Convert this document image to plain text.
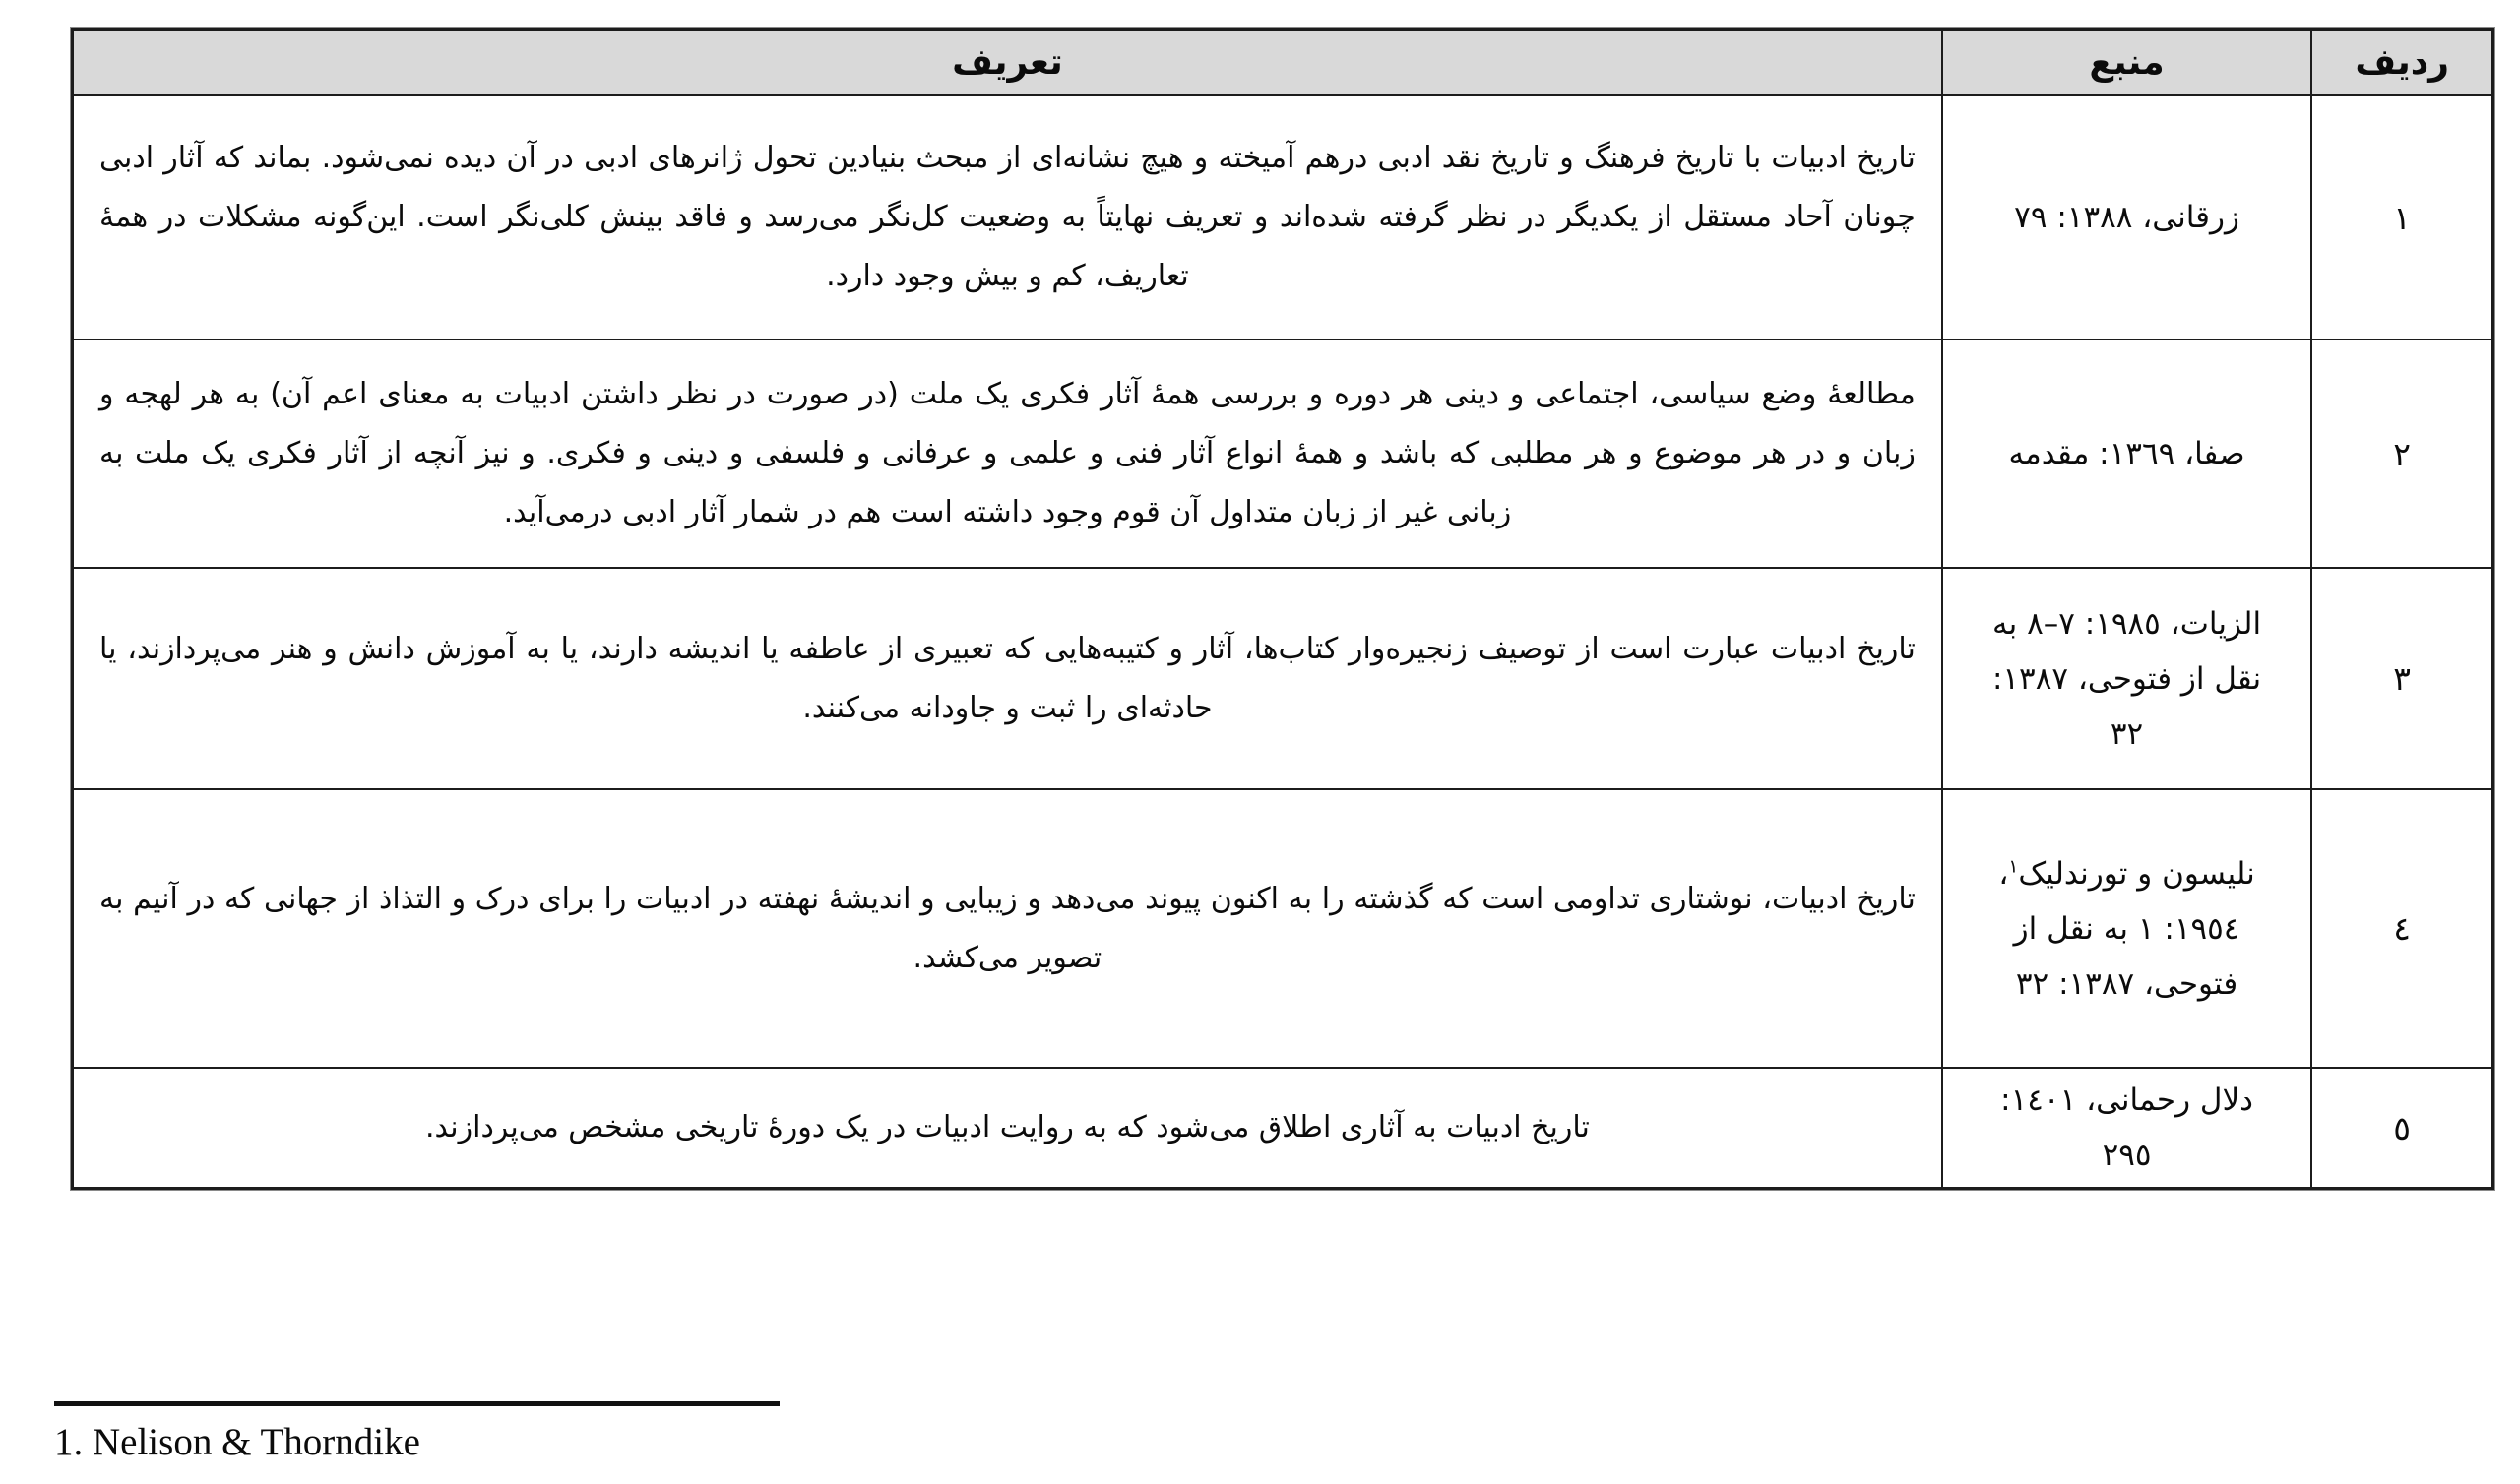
ردیف	منبع	تعریف
۱	زرقانی، ۱۳۸۸: ۷۹	تاریخ ادبیات با تاریخ فرهنگ و تاریخ نقد ادبی درهم آمیخته و هیچ نشانه‌ای از مبحث بنیادین تحول ژانرهای ادبی در آن دیده نمی‌شود. بماند که آثار ادبی چونان آحاد مستقل از یکدیگر در نظر گرفته شده‌اند و تعریف نهایتاً به وضعیت کل‌نگر می‌رسد و فاقد بینش کلی‌نگر است. این‌گونه مشکلات در همهٔ تعاریف، کم و بیش وجود دارد.
۲	صفا، ۱۳٦۹: مقدمه	مطالعهٔ وضع سیاسی، اجتماعی و دینی هر دوره و بررسی همهٔ آثار فکری یک ملت (در صورت در نظر داشتن ادبیات به معنای اعم آن) به هر لهجه و زبان و در هر موضوع و هر مطلبی که باشد و همهٔ انواع آثار فنی و علمی و عرفانی و فلسفی و دینی و فکری. و نیز آنچه از آثار فکری یک ملت به زبانی غیر از زبان متداول آن قوم وجود داشته است هم در شمار آثار ادبی درمی‌آید.
۳	الزیات، ۱۹۸٥: ۷–۸ به نقل از فتوحی، ۱۳۸۷: ۳۲	تاریخ ادبیات عبارت است از توصیف زنجیره‌وار کتاب‌ها، آثار و کتیبه‌هایی که تعبیری از عاطفه یا اندیشه دارند، یا به آموزش دانش و هنر می‌پردازند، یا حادثه‌ای را ثبت و جاودانه می‌کنند.
٤	نلیسون و تورندلیک$^۱$، ۱۹٥٤: ۱ به نقل از فتوحی، ۱۳۸۷: ۳۲	تاریخ ادبیات، نوشتاری تداومی است که گذشته را به اکنون پیوند می‌دهد و زیبایی و اندیشهٔ نهفته در ادبیات را برای درک و التذاذ از جهانی که در آنیم به تصویر می‌کشد.
٥	دلال رحمانی، ۱٤۰۱: ۲۹٥	تاریخ ادبیات به آثاری اطلاق می‌شود که به روایت ادبیات در یک دورهٔ تاریخی مشخص می‌پردازند.
1. Nelison & Thorndike
